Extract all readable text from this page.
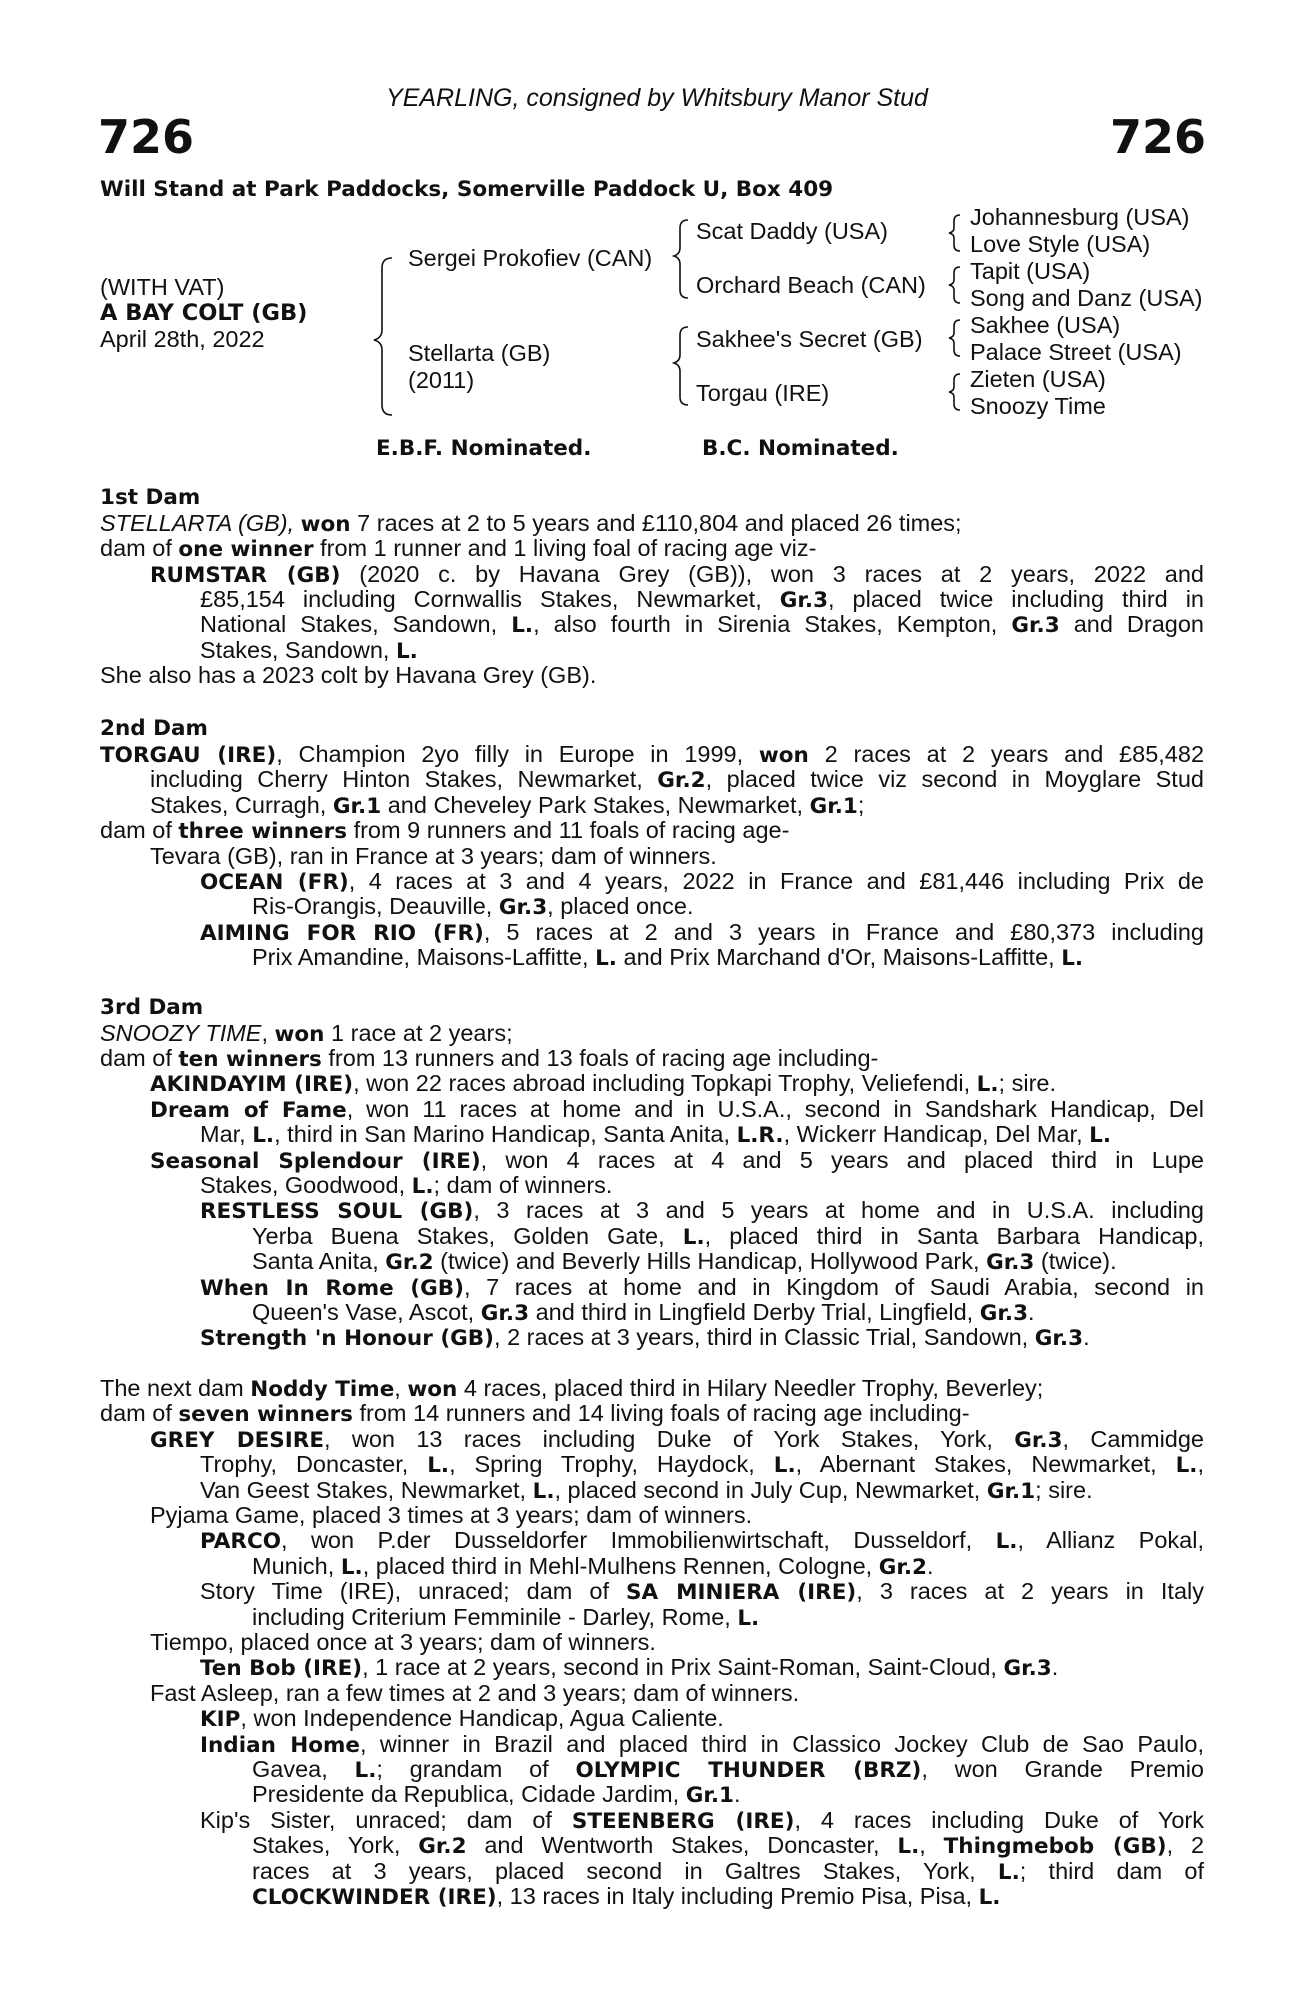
YEARLING, consigned by Whitsbury Manor Stud
726	726
Will Stand at Park Paddocks, Somerville Paddock U, Box 409
(WITH VAT)
A BAY COLT (GB)
April 28th, 2022
Sergei Prokofiev (CAN)
Stellarta (GB)
(2011)
Scat Daddy (USA)
Orchard Beach (CAN)
Sakhee's Secret (GB)
Torgau (IRE)
Johannesburg (USA)
Love Style (USA)
Tapit (USA)
Song and Danz (USA)
Sakhee (USA)
Palace Street (USA)
Zieten (USA)
Snoozy Time
E.B.F. Nominated.	B.C. Nominated.
1st Dam
2nd Dam
3rd Dam
STELLARTA (GB), won 7 races at 2 to 5 years and £110,804 and placed 26 times;
dam of one winner from 1 runner and 1 living foal of racing age viz-
RUMSTAR (GB) (2020 c. by Havana Grey (GB)), won 3 races at 2 years, 2022 and
£85,154 including Cornwallis Stakes, Newmarket, Gr.3, placed twice including third in
National Stakes, Sandown, L., also fourth in Sirenia Stakes, Kempton, Gr.3 and Dragon
Stakes, Sandown, L.
She also has a 2023 colt by Havana Grey (GB).
TORGAU (IRE), Champion 2yo filly in Europe in 1999, won 2 races at 2 years and £85,482
including Cherry Hinton Stakes, Newmarket, Gr.2, placed twice viz second in Moyglare Stud
Stakes, Curragh, Gr.1 and Cheveley Park Stakes, Newmarket, Gr.1;
dam of three winners from 9 runners and 11 foals of racing age-
Tevara (GB), ran in France at 3 years; dam of winners.
OCEAN (FR), 4 races at 3 and 4 years, 2022 in France and £81,446 including Prix de
Ris-Orangis, Deauville, Gr.3, placed once.
AIMING FOR RIO (FR), 5 races at 2 and 3 years in France and £80,373 including
Prix Amandine, Maisons-Laffitte, L. and Prix Marchand d'Or, Maisons-Laffitte, L.
SNOOZY TIME, won 1 race at 2 years;
dam of ten winners from 13 runners and 13 foals of racing age including-
AKINDAYIM (IRE), won 22 races abroad including Topkapi Trophy, Veliefendi, L.; sire.
Dream of Fame, won 11 races at home and in U.S.A., second in Sandshark Handicap, Del
Mar, L., third in San Marino Handicap, Santa Anita, L.R., Wickerr Handicap, Del Mar, L.
Seasonal Splendour (IRE), won 4 races at 4 and 5 years and placed third in Lupe
Stakes, Goodwood, L.; dam of winners.
RESTLESS SOUL (GB), 3 races at 3 and 5 years at home and in U.S.A. including
Yerba Buena Stakes, Golden Gate, L., placed third in Santa Barbara Handicap,
Santa Anita, Gr.2 (twice) and Beverly Hills Handicap, Hollywood Park, Gr.3 (twice).
When In Rome (GB), 7 races at home and in Kingdom of Saudi Arabia, second in
Queen's Vase, Ascot, Gr.3 and third in Lingfield Derby Trial, Lingfield, Gr.3.
Strength 'n Honour (GB), 2 races at 3 years, third in Classic Trial, Sandown, Gr.3.
The next dam Noddy Time, won 4 races, placed third in Hilary Needler Trophy, Beverley;
dam of seven winners from 14 runners and 14 living foals of racing age including-
GREY DESIRE, won 13 races including Duke of York Stakes, York, Gr.3, Cammidge
Trophy, Doncaster, L., Spring Trophy, Haydock, L., Abernant Stakes, Newmarket, L.,
Van Geest Stakes, Newmarket, L., placed second in July Cup, Newmarket, Gr.1; sire.
Pyjama Game, placed 3 times at 3 years; dam of winners.
PARCO, won P.der Dusseldorfer Immobilienwirtschaft, Dusseldorf, L., Allianz Pokal,
Munich, L., placed third in Mehl-Mulhens Rennen, Cologne, Gr.2.
Story Time (IRE), unraced; dam of SA MINIERA (IRE), 3 races at 2 years in Italy
including Criterium Femminile - Darley, Rome, L.
Tiempo, placed once at 3 years; dam of winners.
Ten Bob (IRE), 1 race at 2 years, second in Prix Saint-Roman, Saint-Cloud, Gr.3.
Fast Asleep, ran a few times at 2 and 3 years; dam of winners.
KIP, won Independence Handicap, Agua Caliente.
Indian Home, winner in Brazil and placed third in Classico Jockey Club de Sao Paulo,
Gavea, L.; grandam of OLYMPIC THUNDER (BRZ), won Grande Premio
Presidente da Republica, Cidade Jardim, Gr.1.
Kip's Sister, unraced; dam of STEENBERG (IRE), 4 races including Duke of York
Stakes, York, Gr.2 and Wentworth Stakes, Doncaster, L., Thingmebob (GB), 2
races at 3 years, placed second in Galtres Stakes, York, L.; third dam of
CLOCKWINDER (IRE), 13 races in Italy including Premio Pisa, Pisa, L.
